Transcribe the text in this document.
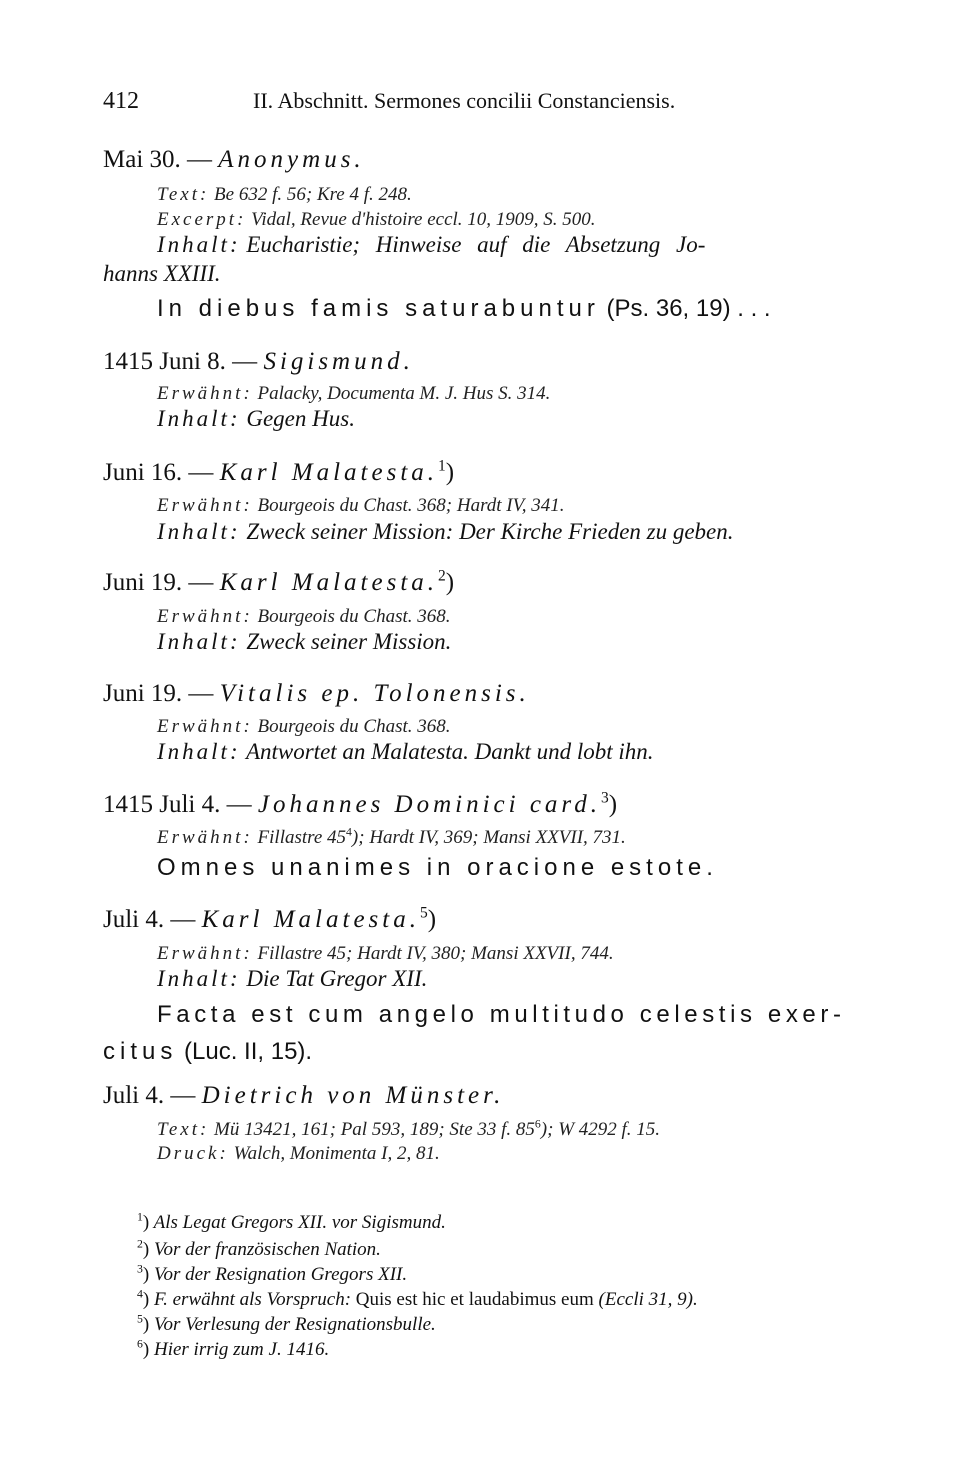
412	II. Abschnitt. Sermones concilii Constanciensis.
Mai 30. — Anonymus.
Text: Be 632 f. 56; Kre 4 f. 248.
Excerpt: Vidal, Revue d'histoire eccl. 10, 1909, S. 500.
Inhalt: Eucharistie; Hinweise auf die Absetzung Jo-
hanns XXIII.
In diebus famis saturabuntur (Ps. 36, 19) . . .
1415 Juni 8. — Sigismund.
Erwähnt: Palacky, Documenta M. J. Hus S. 314.
Inhalt: Gegen Hus.
Juni 16. — Karl Malatesta.$^1$)
Erwähnt: Bourgeois du Chast. 368; Hardt IV, 341.
Inhalt: Zweck seiner Mission: Der Kirche Frieden zu geben.
Juni 19. — Karl Malatesta.$^2$)
Erwähnt: Bourgeois du Chast. 368.
Inhalt: Zweck seiner Mission.
Juni 19. — Vitalis ep. Tolonensis.
Erwähnt: Bourgeois du Chast. 368.
Inhalt: Antwortet an Malatesta. Dankt und lobt ihn.
1415 Juli 4. — Johannes Dominici card.$^3$)
Erwähnt: Fillastre $45^4$); Hardt IV, 369; Mansi XXVII, 731.
Omnes unanimes in oracione estote.
Juli 4. — Karl Malatesta.$^5$)
Erwähnt: Fillastre 45; Hardt IV, 380; Mansi XXVII, 744.
Inhalt: Die Tat Gregor XII.
Facta est cum angelo multitudo celestis exer-
citus (Luc. II, 15).
Juli 4. — Dietrich von Münster.
Text: Mü 13421, 161; Pal 593, 189; Ste 33 f. $85^6$); W 4292 f. 15.
Druck: Walch, Monimenta I, 2, 81.
$^1$) Als Legat Gregors XII. vor Sigismund.
$^2$) Vor der französischen Nation.
$^3$) Vor der Resignation Gregors XII.
$^4$) F. erwähnt als Vorspruch: Quis est hic et laudabimus eum (Eccli 31, 9).
$^5$) Vor Verlesung der Resignationsbulle.
$^6$) Hier irrig zum J. 1416.
